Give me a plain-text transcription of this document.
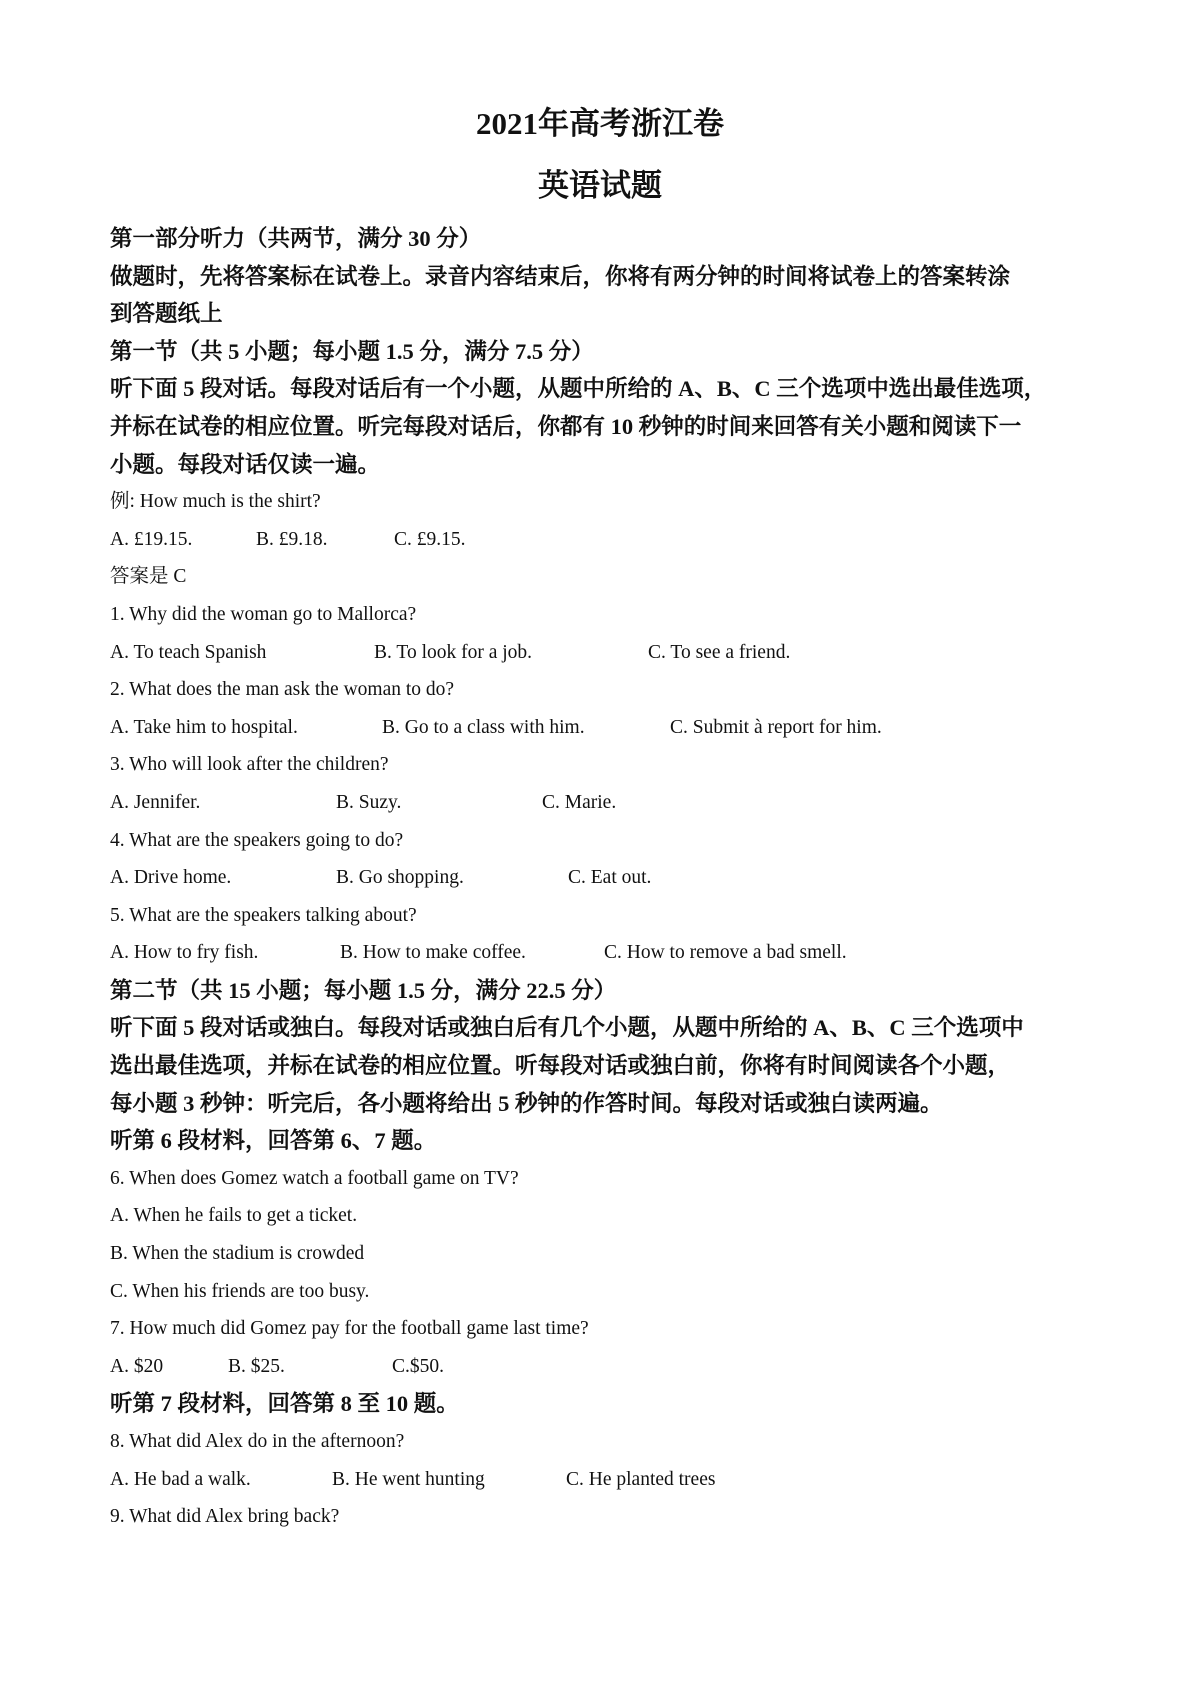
2021年高考浙江卷
英语试题
第一部分听力（共两节，满分 30 分）
做题时，先将答案标在试卷上。录音内容结束后，你将有两分钟的时间将试卷上的答案转涂
到答题纸上
第一节（共 5 小题；每小题 1.5 分，满分 7.5 分）
听下面 5 段对话。每段对话后有一个小题，从题中所给的 A、B、C 三个选项中选出最佳选项，
并标在试卷的相应位置。听完每段对话后，你都有 10 秒钟的时间来回答有关小题和阅读下一
小题。每段对话仅读一遍。
例: How much is the shirt?
A. £19.15.	B. £9.18.	C. £9.15.
答案是 C
1. Why did the woman go to Mallorca?
A. To teach Spanish	B. To look for a job.	C. To see a friend.
2. What does the man ask the woman to do?
A. Take him to hospital.	B. Go to a class with him.	C. Submit à report for him.
3. Who will look after the children?
A. Jennifer.	B. Suzy.	C. Marie.
4. What are the speakers going to do?
A. Drive home.	B. Go shopping.	C. Eat out.
5. What are the speakers talking about?
A. How to fry fish.	B. How to make coffee.	C. How to remove a bad smell.
第二节（共 15 小题；每小题 1.5 分，满分 22.5 分）
听下面 5 段对话或独白。每段对话或独白后有几个小题，从题中所给的 A、B、C 三个选项中
选出最佳选项，并标在试卷的相应位置。听每段对话或独白前，你将有时间阅读各个小题，
每小题 3 秒钟：听完后，各小题将给出 5 秒钟的作答时间。每段对话或独白读两遍。
听第 6 段材料，回答第 6、7 题。
6. When does Gomez watch a football game on TV?
A. When he fails to get a ticket.
B. When the stadium is crowded
C. When his friends are too busy.
7. How much did Gomez pay for the football game last time?
A. $20	B. $25.	C.$50.
听第 7 段材料，回答第 8 至 10 题。
8. What did Alex do in the afternoon?
A. He bad a walk.	B. He went hunting	C. He planted trees
9. What did Alex bring back?
